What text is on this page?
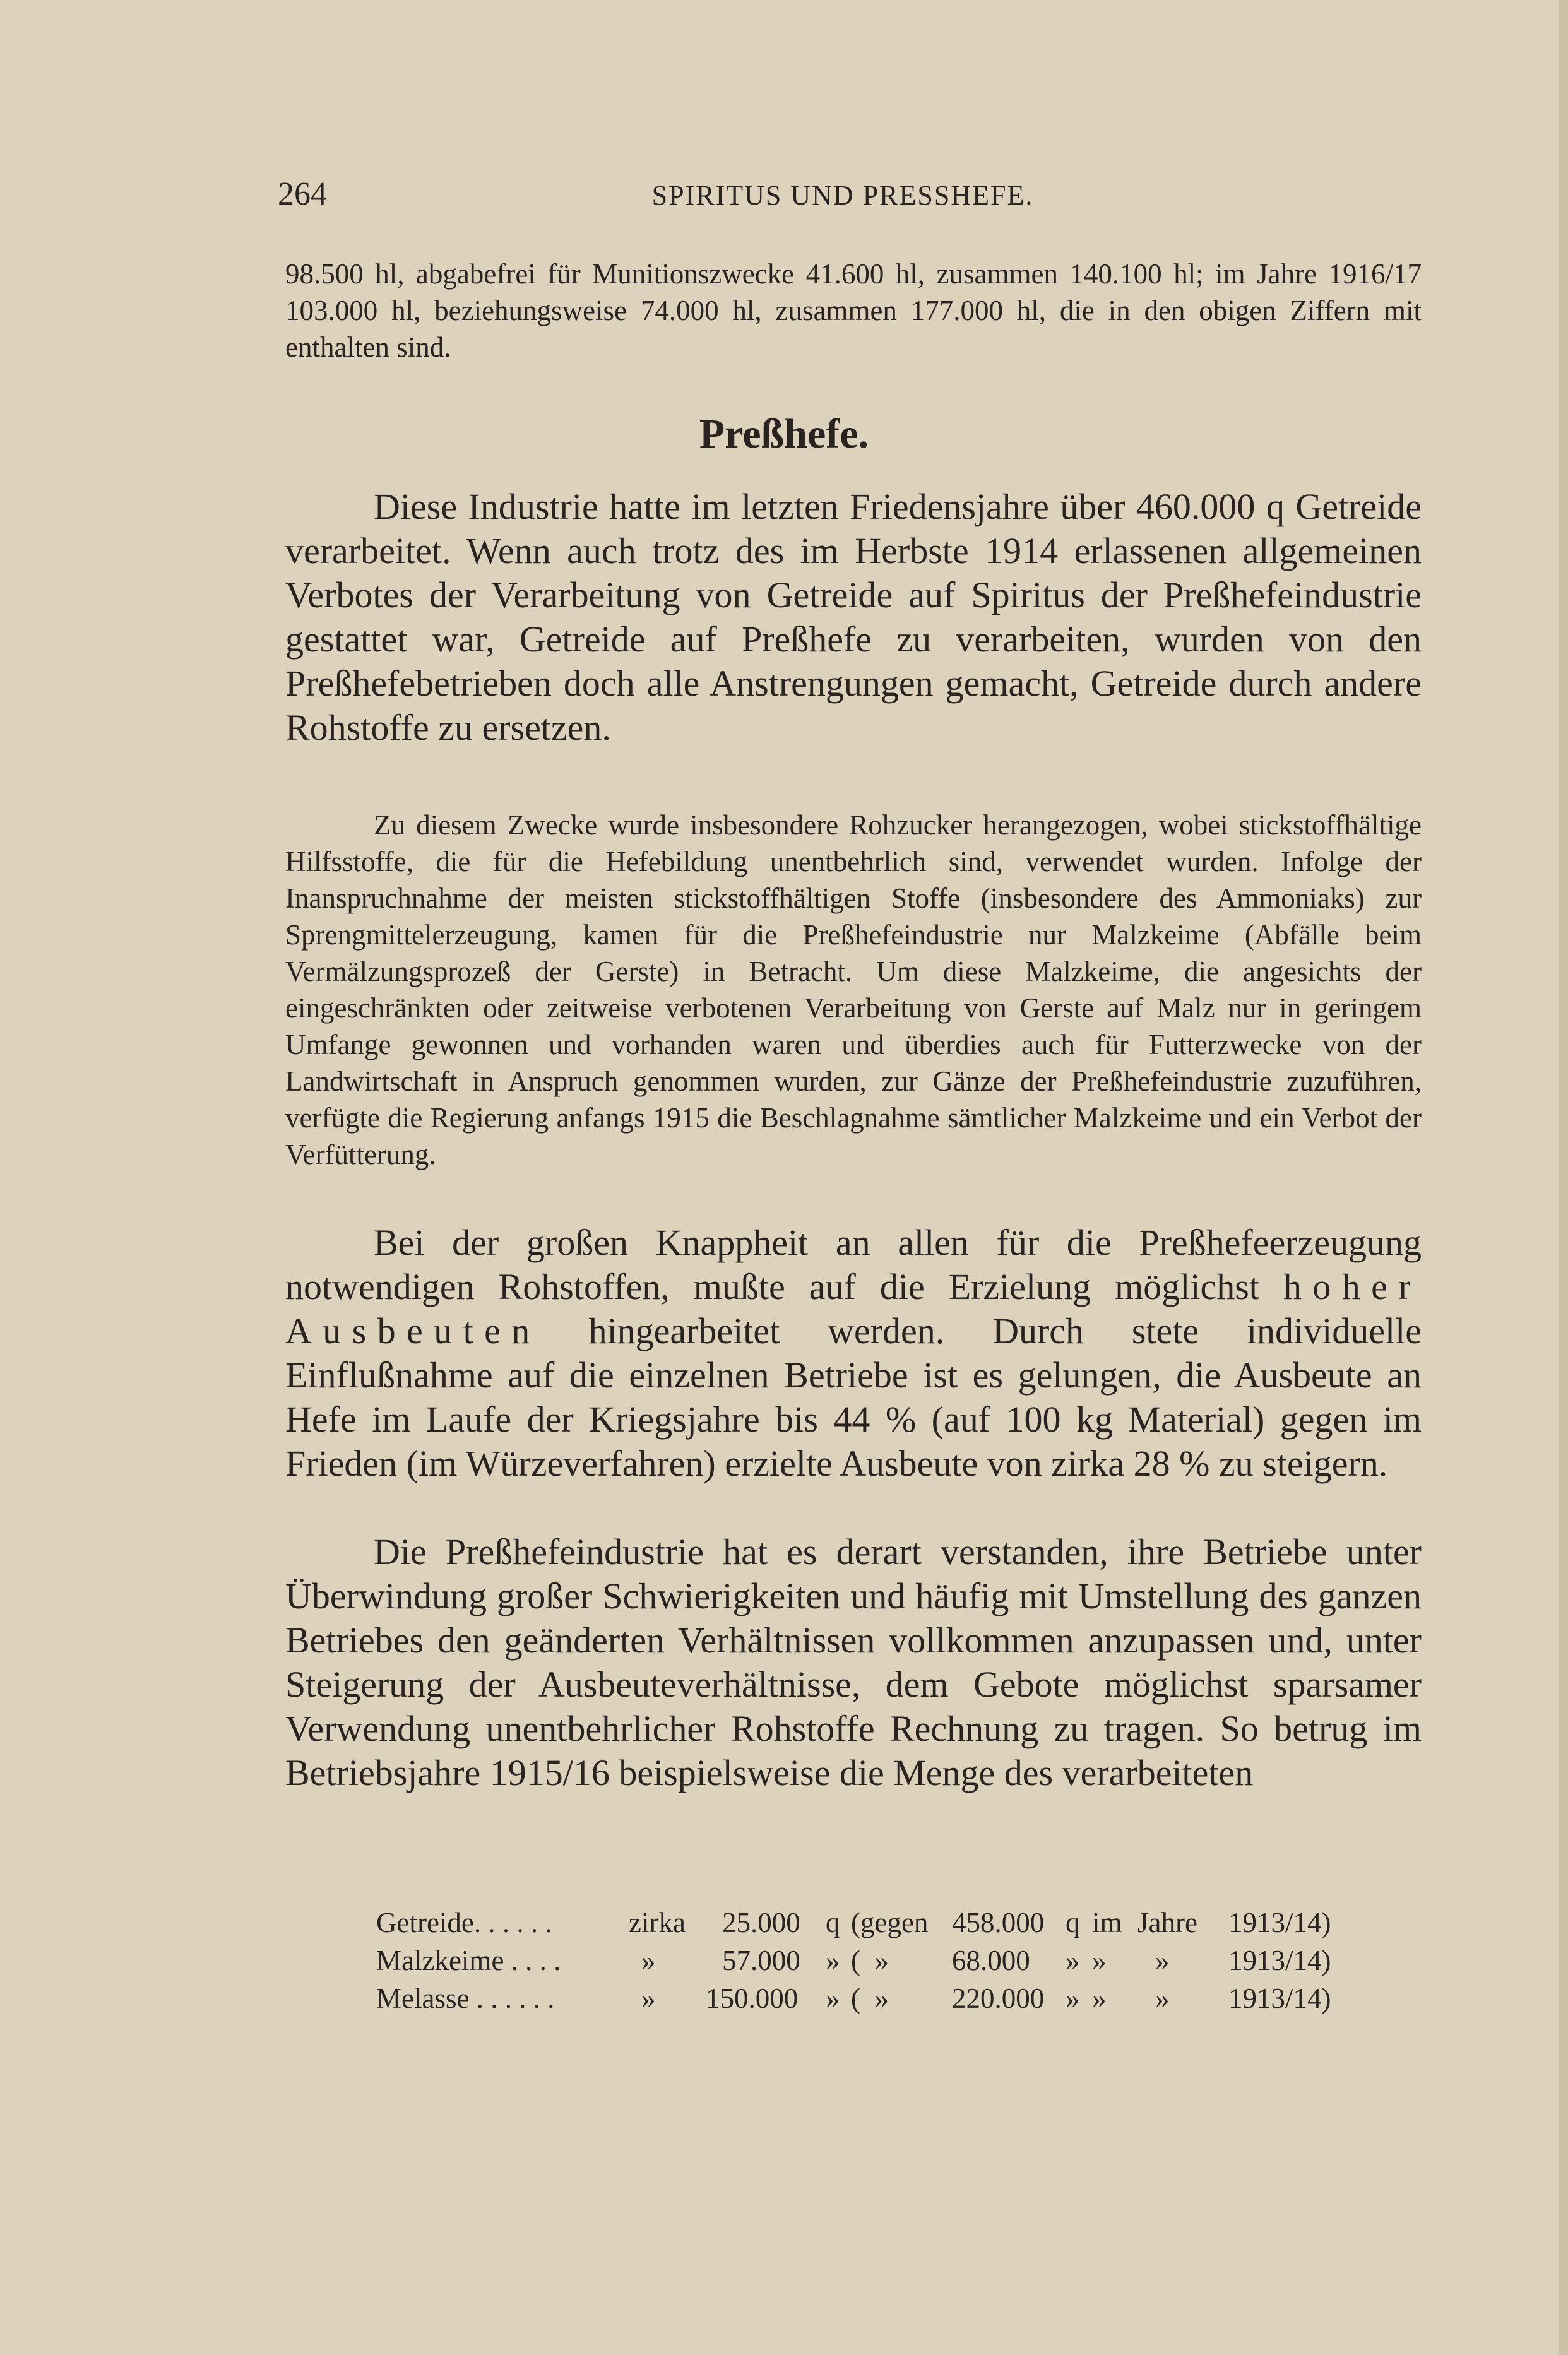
264	SPIRITUS UND PRESSHEFE.

98.500 hl, abgabefrei für Munitionszwecke 41.600 hl, zusammen 140.100 hl; im Jahre 1916/17 103.000 hl, beziehungsweise 74.000 hl, zusammen 177.000 hl, die in den obigen Ziffern mit enthalten sind.

Preßhefe.

Diese Industrie hatte im letzten Friedensjahre über 460.000 q Getreide verarbeitet. Wenn auch trotz des im Herbste 1914 erlassenen allgemeinen Verbotes der Verarbeitung von Getreide auf Spiritus der Preßhefeindustrie gestattet war, Getreide auf Preßhefe zu verarbeiten, wurden von den Preßhefebetrieben doch alle Anstrengungen gemacht, Getreide durch andere Rohstoffe zu ersetzen.

Zu diesem Zwecke wurde insbesondere Rohzucker herangezogen, wobei stickstoffhältige Hilfsstoffe, die für die Hefebildung unentbehrlich sind, verwendet wurden. Infolge der Inanspruchnahme der meisten stickstoffhältigen Stoffe (insbesondere des Ammoniaks) zur Sprengmittelerzeugung, kamen für die Preßhefeindustrie nur Malzkeime (Abfälle beim Vermälzungsprozeß der Gerste) in Betracht. Um diese Malzkeime, die angesichts der eingeschränkten oder zeitweise verbotenen Verarbeitung von Gerste auf Malz nur in geringem Umfange gewonnen und vorhanden waren und überdies auch für Futterzwecke von der Landwirtschaft in Anspruch genommen wurden, zur Gänze der Preßhefeindustrie zuzuführen, verfügte die Regierung anfangs 1915 die Beschlagnahme sämtlicher Malzkeime und ein Verbot der Verfütterung.

Bei der großen Knappheit an allen für die Preßhefeerzeugung notwendigen Rohstoffen, mußte auf die Erzielung möglichst hoher Ausbeuten hingearbeitet werden. Durch stete individuelle Einflußnahme auf die einzelnen Betriebe ist es gelungen, die Ausbeute an Hefe im Laufe der Kriegsjahre bis 44 % (auf 100 kg Material) gegen im Frieden (im Würzeverfahren) erzielte Ausbeute von zirka 28 % zu steigern.

Die Preßhefeindustrie hat es derart verstanden, ihre Betriebe unter Überwindung großer Schwierigkeiten und häufig mit Umstellung des ganzen Betriebes den geänderten Verhältnissen vollkommen anzupassen und, unter Steigerung der Ausbeuteverhältnisse, dem Gebote möglichst sparsamer Verwendung unentbehrlicher Rohstoffe Rechnung zu tragen. So betrug im Betriebsjahre 1915/16 beispielsweise die Menge des verarbeiteten

Getreide. . . . . .	zirka 25.000 q (gegen 458.000 q im Jahre 1913/14)
Malzkeime . . . .	» 57.000 » (  » 68.000 » » » 1913/14)
Melasse . . . . . .	» 150.000 » (  » 220.000 » » » 1913/14)
